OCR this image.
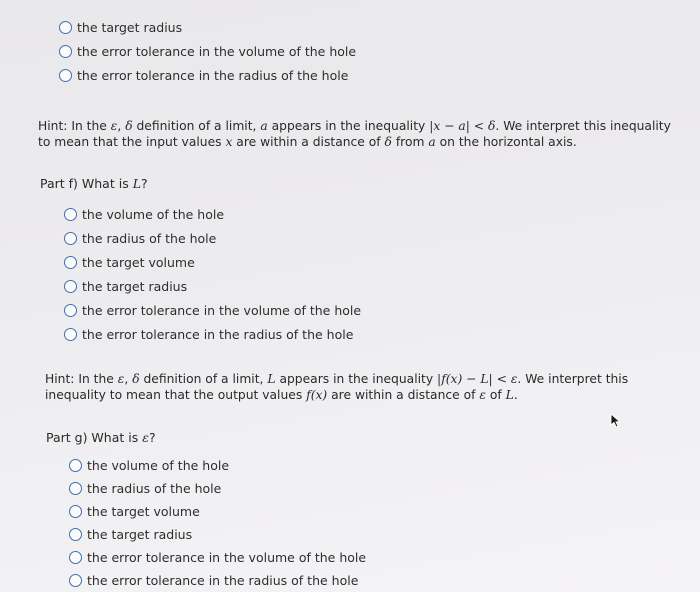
the target radius
the error tolerance in the volume of the hole
the error tolerance in the radius of the hole

Hint: In the ε, δ definition of a limit, a appears in the inequality |x − a| < δ. We interpret this inequality to mean that the input values x are within a distance of δ from a on the horizontal axis.

Part f) What is L?

the volume of the hole
the radius of the hole
the target volume
the target radius
the error tolerance in the volume of the hole
the error tolerance in the radius of the hole

Hint: In the ε, δ definition of a limit, L appears in the inequality |f(x) − L| < ε. We interpret this inequality to mean that the output values f(x) are within a distance of ε of L.

Part g) What is ε?

the volume of the hole
the radius of the hole
the target volume
the target radius
the error tolerance in the volume of the hole
the error tolerance in the radius of the hole
